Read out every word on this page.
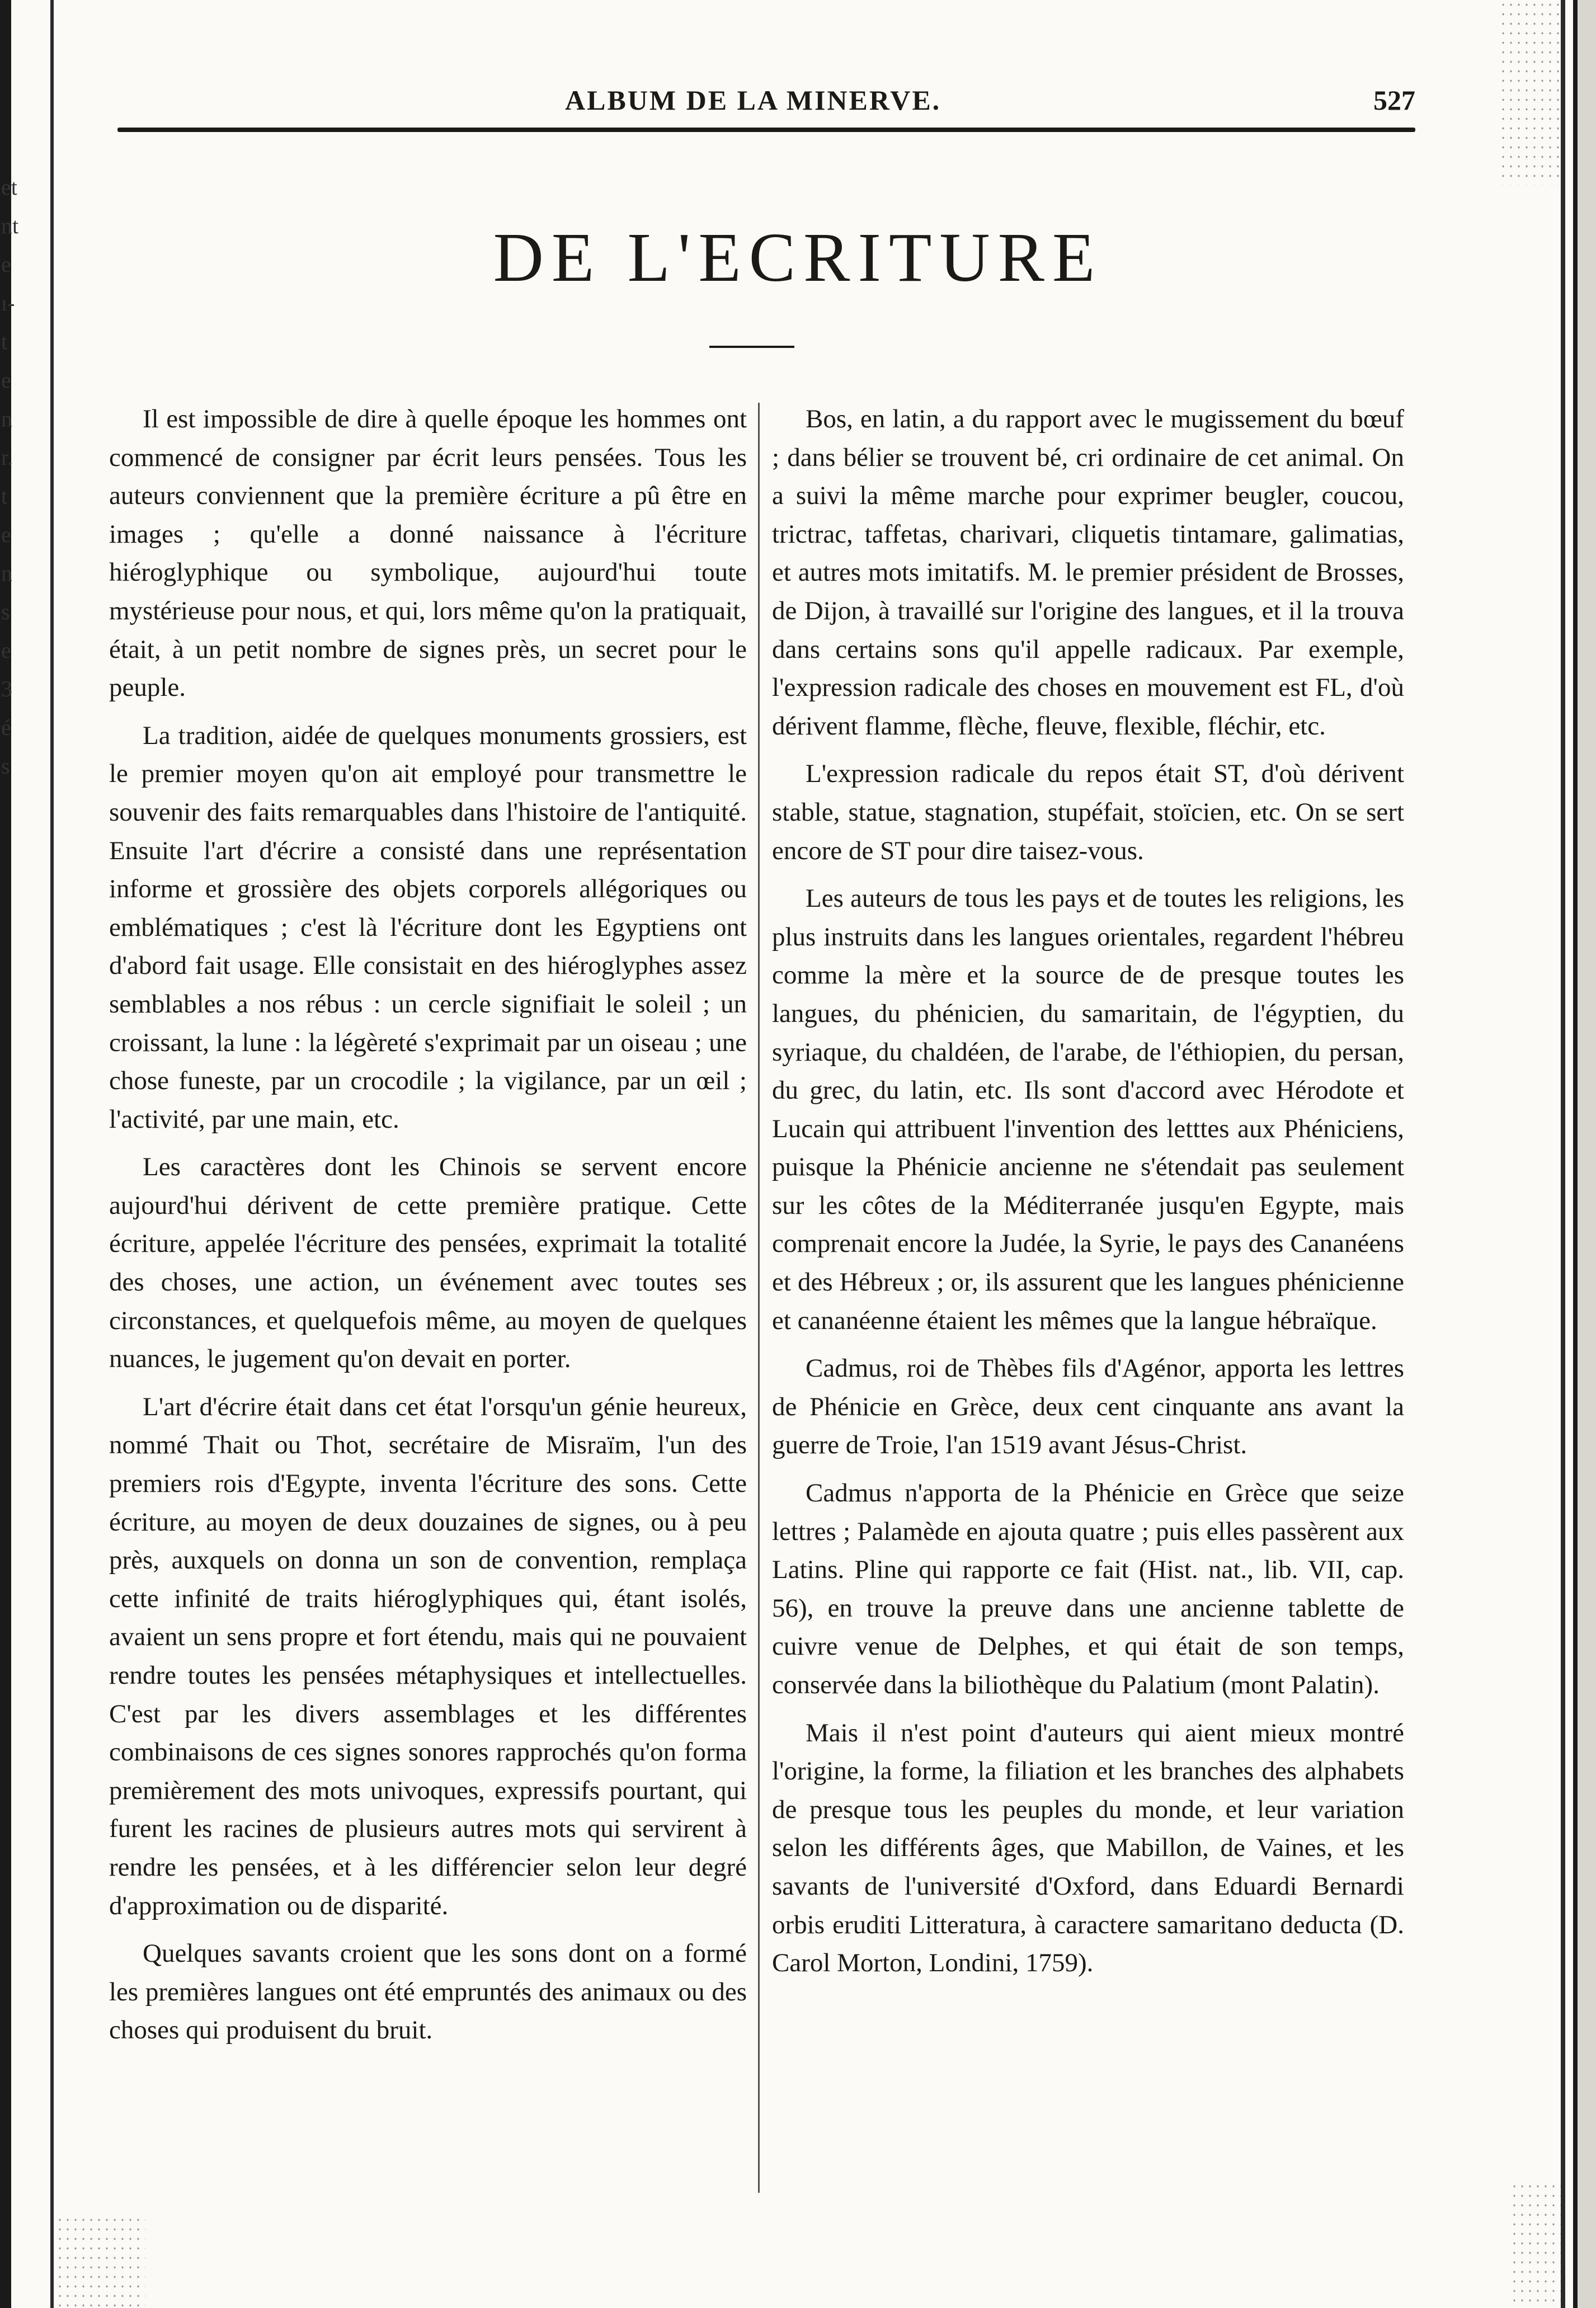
et
nt
e
ı-
t
e
n
r.
t
e
n
s
e
3
é
s
ALBUM DE LA MINERVE.	527
DE L'ECRITURE

Il est impossible de dire à quelle époque les hommes ont commencé de consigner par écrit leurs pensées. Tous les auteurs conviennent que la première écriture a pû être en images ; qu'elle a donné naissance à l'écriture hiéroglyphique ou symbolique, aujourd'hui toute mystérieuse pour nous, et qui, lors même qu'on la pratiquait, était, à un petit nombre de signes près, un secret pour le peuple.

La tradition, aidée de quelques monuments grossiers, est le premier moyen qu'on ait employé pour transmettre le souvenir des faits remarquables dans l'histoire de l'antiquité. Ensuite l'art d'écrire a consisté dans une représentation informe et grossière des objets corporels allégoriques ou emblématiques ; c'est là l'écriture dont les Egyptiens ont d'abord fait usage. Elle consistait en des hiéroglyphes assez semblables a nos rébus : un cercle signifiait le soleil ; un croissant, la lune : la légèreté s'exprimait par un oiseau ; une chose funeste, par un crocodile ; la vigilance, par un œil ; l'activité, par une main, etc.

Les caractères dont les Chinois se servent encore aujourd'hui dérivent de cette première pratique. Cette écriture, appelée l'écriture des pensées, exprimait la totalité des choses, une action, un événement avec toutes ses circonstances, et quelquefois même, au moyen de quelques nuances, le jugement qu'on devait en porter.

L'art d'écrire était dans cet état l'orsqu'un génie heureux, nommé Thait ou Thot, secrétaire de Misraïm, l'un des premiers rois d'Egypte, inventa l'écriture des sons. Cette écriture, au moyen de deux douzaines de signes, ou à peu près, auxquels on donna un son de convention, remplaça cette infinité de traits hiéroglyphiques qui, étant isolés, avaient un sens propre et fort étendu, mais qui ne pouvaient rendre toutes les pensées métaphysiques et intellectuelles. C'est par les divers assemblages et les différentes combinaisons de ces signes sonores rapprochés qu'on forma premièrement des mots univoques, expressifs pourtant, qui furent les racines de plusieurs autres mots qui servirent à rendre les pensées, et à les différencier selon leur degré d'approximation ou de disparité.

Quelques savants croient que les sons dont on a formé les premières langues ont été empruntés des animaux ou des choses qui produisent du bruit.

Bos, en latin, a du rapport avec le mugissement du bœuf ; dans bélier se trouvent bé, cri ordinaire de cet animal. On a suivi la même marche pour exprimer beugler, coucou, trictrac, taffetas, charivari, cliquetis tintamare, galimatias, et autres mots imitatifs. M. le premier président de Brosses, de Dijon, à travaillé sur l'origine des langues, et il la trouva dans certains sons qu'il appelle radicaux. Par exemple, l'expression radicale des choses en mouvement est FL, d'où dérivent flamme, flèche, fleuve, flexible, fléchir, etc.

L'expression radicale du repos était ST, d'où dérivent stable, statue, stagnation, stupéfait, stoïcien, etc. On se sert encore de ST pour dire taisez-vous.

Les auteurs de tous les pays et de toutes les religions, les plus instruits dans les langues orientales, regardent l'hébreu comme la mère et la source de de presque toutes les langues, du phénicien, du samaritain, de l'égyptien, du syriaque, du chaldéen, de l'arabe, de l'éthiopien, du persan, du grec, du latin, etc. Ils sont d'accord avec Hérodote et Lucain qui attribuent l'invention des letttes aux Phéniciens, puisque la Phénicie ancienne ne s'étendait pas seulement sur les côtes de la Méditerranée jusqu'en Egypte, mais comprenait encore la Judée, la Syrie, le pays des Cananéens et des Hébreux ; or, ils assurent que les langues phénicienne et cananéenne étaient les mêmes que la langue hébraïque.

Cadmus, roi de Thèbes fils d'Agénor, apporta les lettres de Phénicie en Grèce, deux cent cinquante ans avant la guerre de Troie, l'an 1519 avant Jésus-Christ.

Cadmus n'apporta de la Phénicie en Grèce que seize lettres ; Palamède en ajouta quatre ; puis elles passèrent aux Latins. Pline qui rapporte ce fait (Hist. nat., lib. VII, cap. 56), en trouve la preuve dans une ancienne tablette de cuivre venue de Delphes, et qui était de son temps, conservée dans la biliothèque du Palatium (mont Palatin).

Mais il n'est point d'auteurs qui aient mieux montré l'origine, la forme, la filiation et les branches des alphabets de presque tous les peuples du monde, et leur variation selon les différents âges, que Mabillon, de Vaines, et les savants de l'université d'Oxford, dans Eduardi Bernardi orbis eruditi Litteratura, à caractere samaritano deducta (D. Carol Morton, Londini, 1759).
